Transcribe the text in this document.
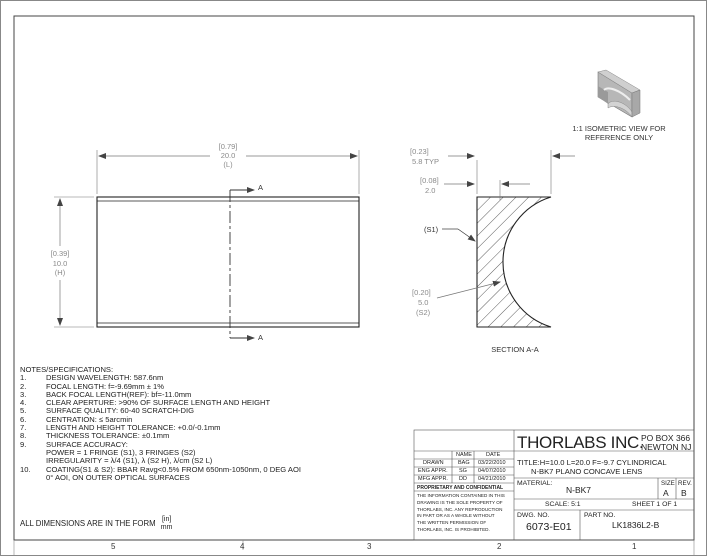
5	4	3	2	1
A
A
[0.79]
20.0
(L)
[0.39]
10.0
(H)
[0.23]
5.8 TYP
[0.08]
2.0
(S1)
[0.20]
5.0
(S2)
SECTION A-A
1:1 ISOMETRIC VIEW FOR
REFERENCE ONLY
NOTES/SPECIFICATIONS:
1.	DESIGN WAVELENGTH: 587.6nm
2.	FOCAL LENGTH: f=-9.69mm ± 1%
3.	BACK FOCAL LENGTH(REF): bf=-11.0mm
4.	CLEAR APERTURE: >90% OF SURFACE LENGTH AND HEIGHT
5.	SURFACE QUALITY: 60-40 SCRATCH-DIG
6.	CENTRATION: ≤ 5arcmin
7.	LENGTH AND HEIGHT TOLERANCE: +0.0/-0.1mm
8.	THICKNESS TOLERANCE: ±0.1mm
9.	SURFACE ACCURACY:
POWER = 1 FRINGE (S1), 3 FRINGES (S2)
IRREGULARITY = λ/4 (S1), λ (S2 H), λ/cm (S2 L)
10.	COATING(S1 & S2): BBAR Ravg<0.5% FROM 650nm-1050nm, 0 DEG AOI
0° AOI, ON OUTER OPTICAL SURFACES
ALL DIMENSIONS ARE IN THE FORM [in]
mm
THORLABS INC.
PO BOX 366
NEWTON NJ
NAME	DATE
DRAWN	BAG 03/22/2010
ENG APPR. SG 04/07/2010
MFG APPR. DD 04/21/2010
PROPRIETARY AND CONFIDENTIAL
THE INFORMATION CONTAINED IN THIS
DRAWING IS THE SOLE PROPERTY OF
THORLABS, INC. ANY REPRODUCTION
IN PART OR AS A WHOLE WITHOUT
THE WRITTEN PERMISSION OF
THORLABS, INC. IS PROHIBITED.
TITLE:H=10.0 L=20.0 F=-9.7 CYLINDRICAL
N-BK7 PLANO CONCAVE LENS
MATERIAL:
N-BK7
SIZE
A
REV.
B
SCALE: 5:1	SHEET 1 OF 1
DWG. NO.
6073-E01
PART NO.
LK1836L2-B
